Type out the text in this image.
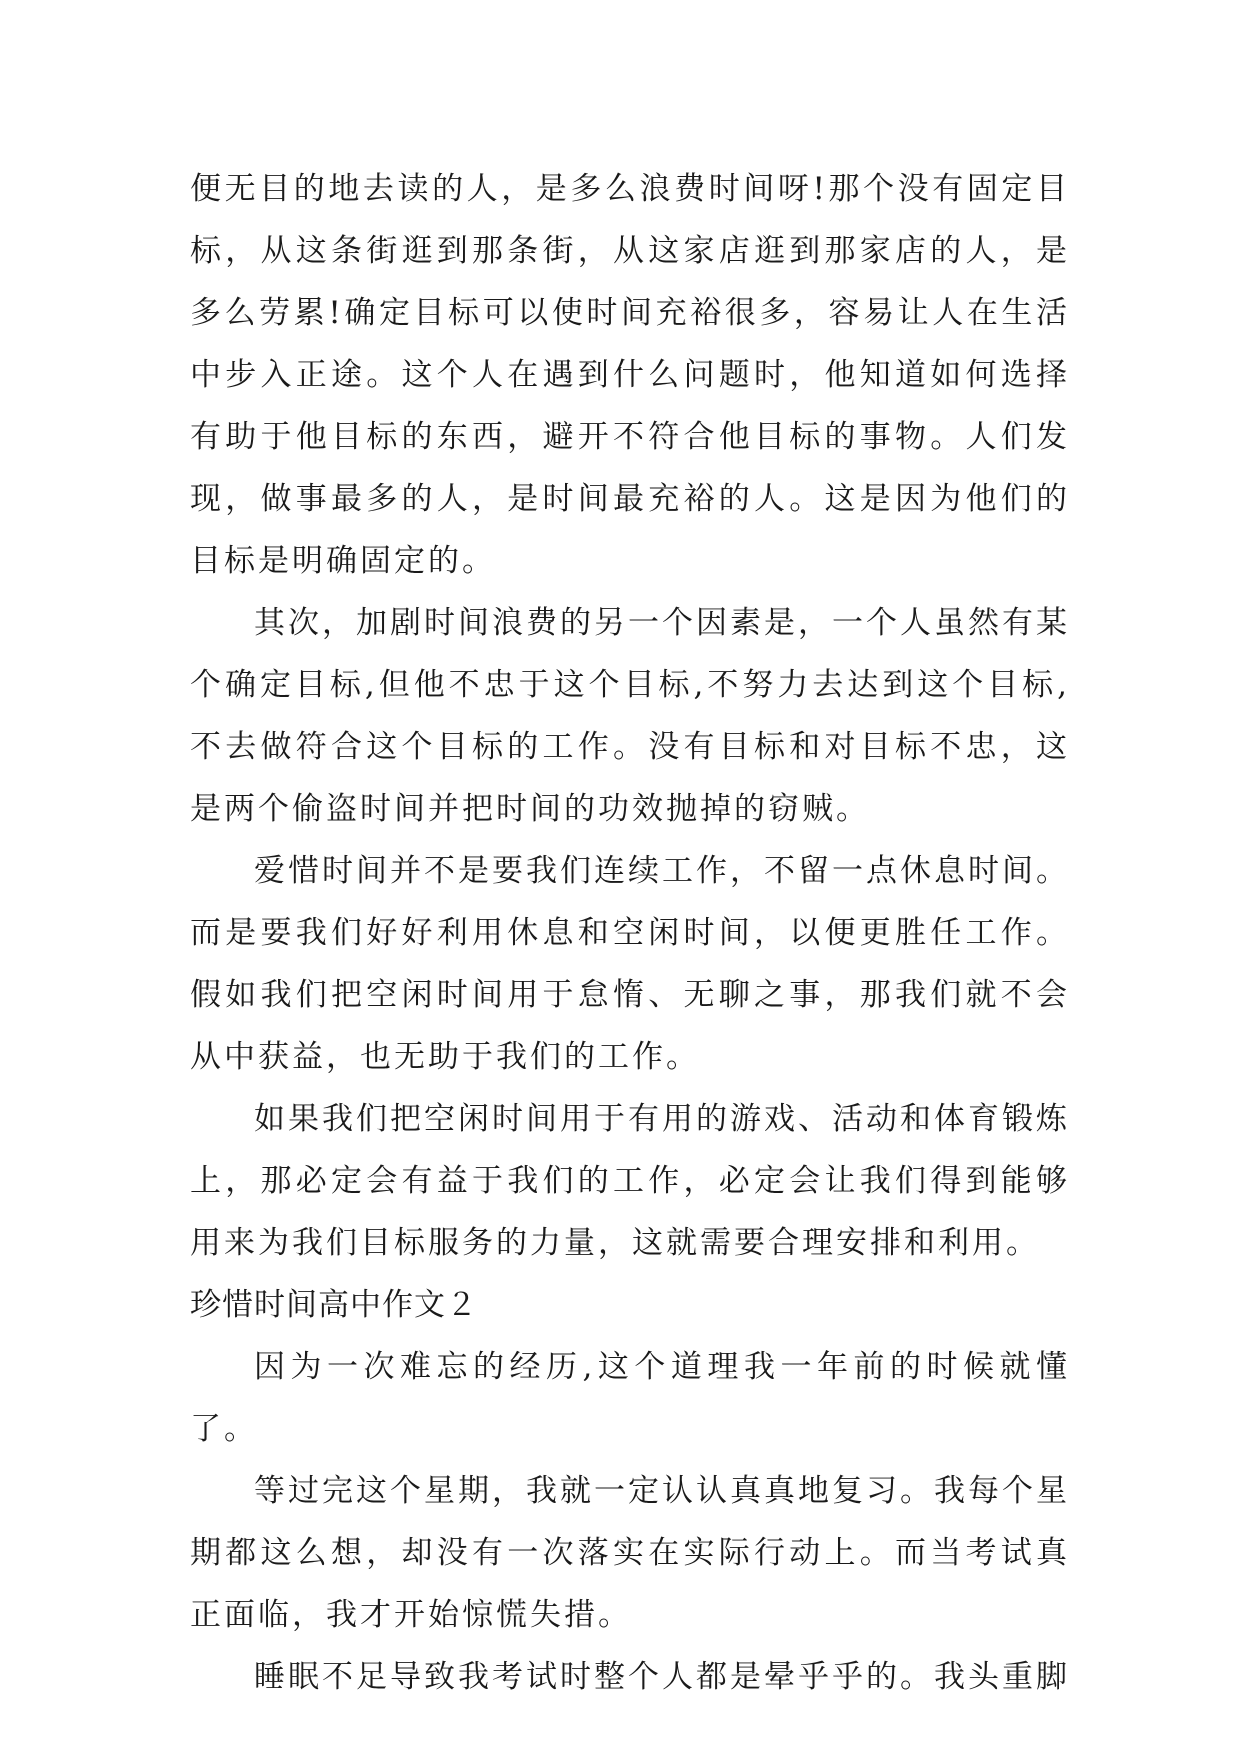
便无目的地去读的人，是多么浪费时间呀!那个没有固定目标，从这条街逛到那条街，从这家店逛到那家店的人，是多么劳累!确定目标可以使时间充裕很多，容易让人在生活中步入正途。这个人在遇到什么问题时，他知道如何选择有助于他目标的东西，避开不符合他目标的事物。人们发现，做事最多的人，是时间最充裕的人。这是因为他们的目标是明确固定的。

其次，加剧时间浪费的另一个因素是，一个人虽然有某个确定目标,但他不忠于这个目标,不努力去达到这个目标,不去做符合这个目标的工作。没有目标和对目标不忠，这是两个偷盗时间并把时间的功效抛掉的窃贼。

爱惜时间并不是要我们连续工作，不留一点休息时间。而是要我们好好利用休息和空闲时间，以便更胜任工作。假如我们把空闲时间用于怠惰、无聊之事，那我们就不会从中获益，也无助于我们的工作。

如果我们把空闲时间用于有用的游戏、活动和体育锻炼上，那必定会有益于我们的工作，必定会让我们得到能够用来为我们目标服务的力量，这就需要合理安排和利用。

珍惜时间高中作文２

因为一次难忘的经历,这个道理我一年前的时候就懂了。

等过完这个星期，我就一定认认真真地复习。我每个星期都这么想，却没有一次落实在实际行动上。而当考试真正面临，我才开始惊慌失措。

睡眠不足导致我考试时整个人都是晕乎乎的。我头重脚
